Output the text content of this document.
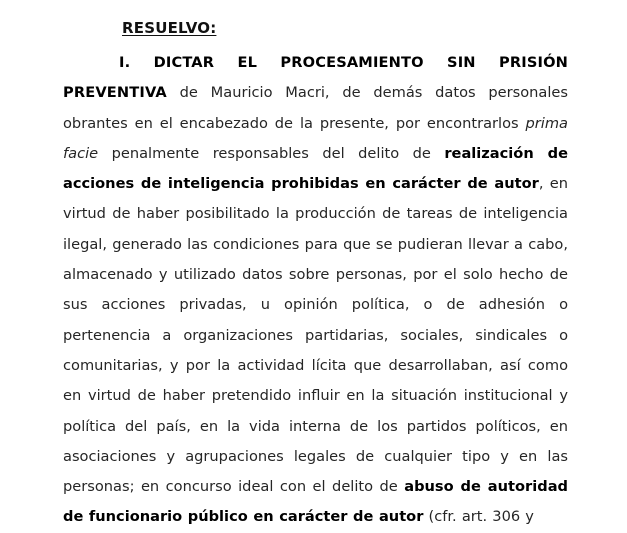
RESUELVO:
I. DICTAR EL PROCESAMIENTO SIN PRISIÓN PREVENTIVA de Mauricio Macri, de demás datos personales obrantes en el encabezado de la presente, por encontrarlos prima facie penalmente responsables del delito de realización de acciones de inteligencia prohibidas en carácter de autor, en virtud de haber posibilitado la producción de tareas de inteligencia ilegal, generado las condiciones para que se pudieran llevar a cabo, almacenado y utilizado datos sobre personas, por el solo hecho de sus acciones privadas, u opinión política, o de adhesión o pertenencia a organizaciones partidarias, sociales, sindicales o comunitarias, y por la actividad lícita que desarrollaban, así como en virtud de haber pretendido influir en la situación institucional y política del país, en la vida interna de los partidos políticos, en asociaciones y agrupaciones legales de cualquier tipo y en las personas; en concurso ideal con el delito de abuso de autoridad de funcionario público en carácter de autor (cfr. art. 306 y
